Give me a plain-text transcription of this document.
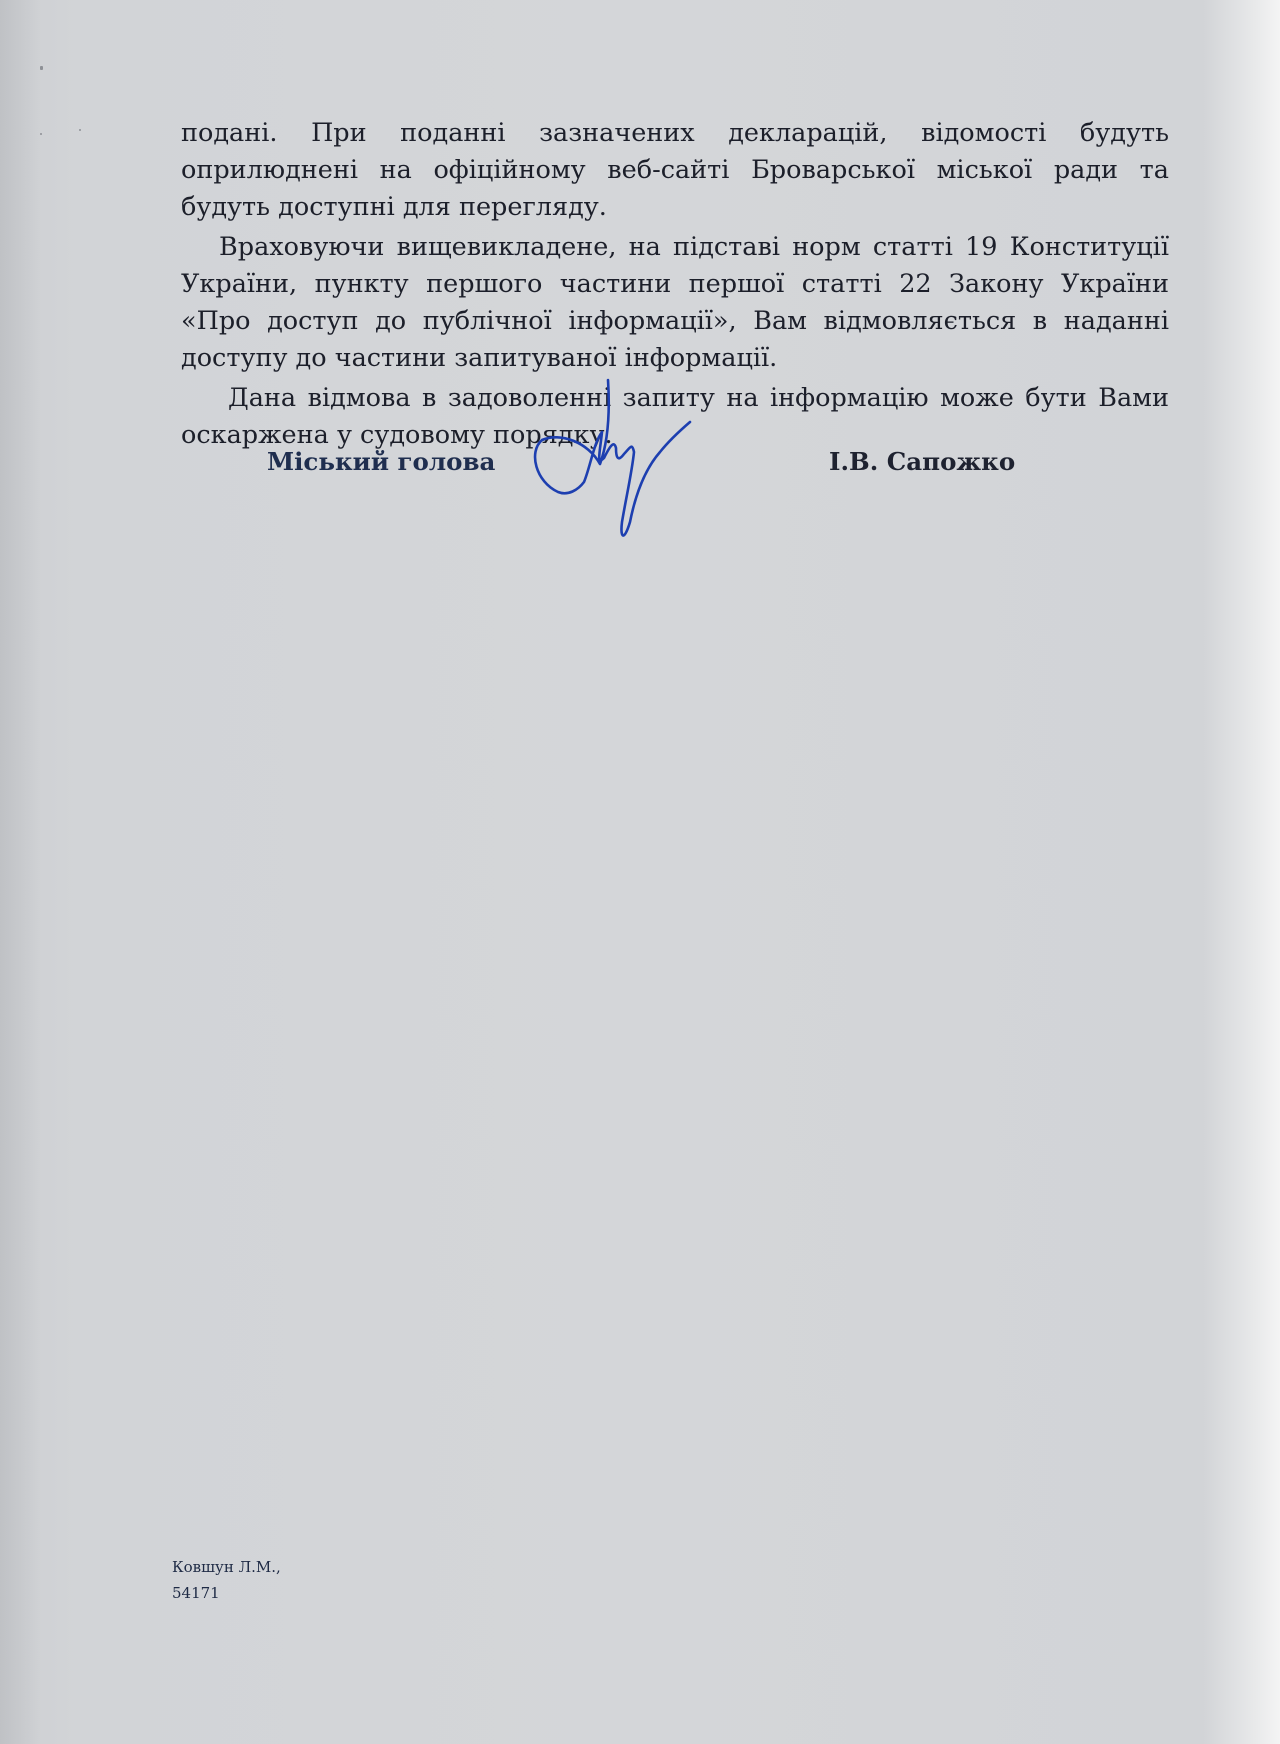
подані. При поданні зазначених декларацій, відомості будуть оприлюднені на офіційному веб-сайті Броварської міської ради та будуть доступні для перегляду.

Враховуючи вищевикладене, на підставі норм статті 19 Конституції України, пункту першого частини першої статті 22 Закону України «Про доступ до публічної інформації», Вам відмовляється в наданні доступу до частини запитуваної інформації.

Дана відмова в задоволенні запиту на інформацію може бути Вами оскаржена у судовому порядку.

Міський голова	І.В. Сапожко
Ковшун Л.М.,
54171
